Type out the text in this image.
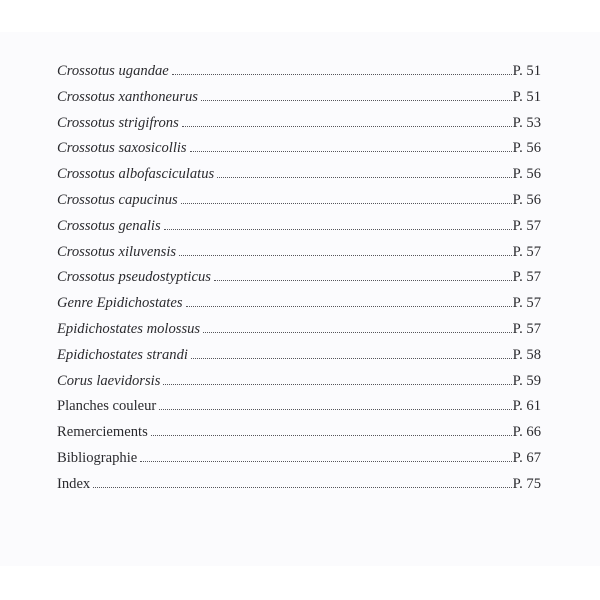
Crossotus ugandae	P. 51
Crossotus xanthoneurus	P. 51
Crossotus strigifrons	P. 53
Crossotus saxosicollis	P. 56
Crossotus albofasciculatus	P. 56
Crossotus capucinus	P. 56
Crossotus genalis	P. 57
Crossotus xiluvensis	P. 57
Crossotus pseudostypticus	P. 57
Genre Epidichostates	P. 57
Epidichostates molossus	P. 57
Epidichostates strandi	P. 58
Corus laevidorsis	P. 59
Planches couleur	P. 61
Remerciements	P. 66
Bibliographie	P. 67
Index	P. 75
